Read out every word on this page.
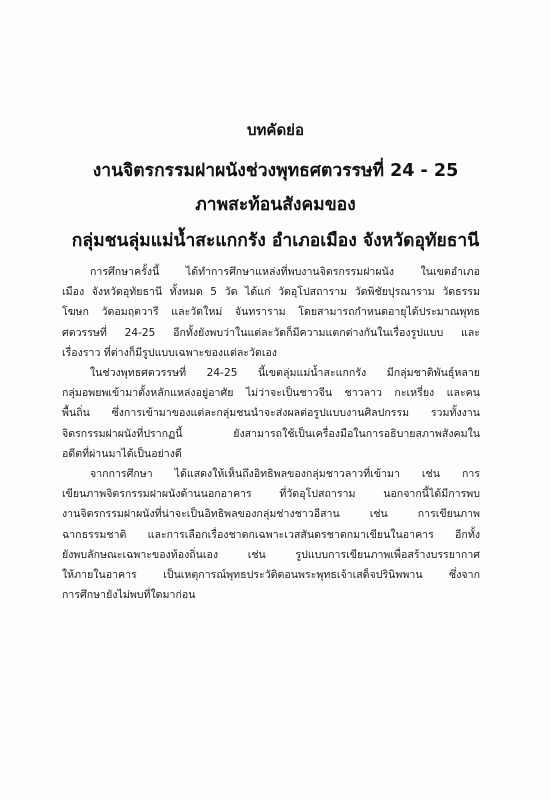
บทคัดย่อ
งานจิตรกรรมฝาผนังช่วงพุทธศตวรรษที่ 24 - 25
ภาพสะท้อนสังคมของ
กลุ่มชนลุ่มแม่น้ำสะแกกรัง อำเภอเมือง จังหวัดอุทัยธานี
การศึกษาครั้งนี้ ได้ทำการศึกษาแหล่งที่พบงานจิตรกรรมฝาผนัง ในเขตอำเภอ
เมือง จังหวัดอุทัยธานี ทั้งหมด 5 วัด ได้แก่ วัดอุโปสถาราม วัดพิชัยปุรณาราม วัดธรรม
โฆษก วัดอมฤตวารี และวัดใหม่ จันทราราม โดยสามารถกำหนดอายุได้ประมาณพุทธ
ศตวรรษที่ 24-25 อีกทั้งยังพบว่าในแต่ละวัดก็มีความแตกต่างกันในเรื่องรูปแบบ และ
เรื่องราว ที่ต่างก็มีรูปแบบเฉพาะของแต่ละวัดเอง
ในช่วงพุทธศตวรรษที่ 24-25 นี้เขตลุ่มแม่น้ำสะแกกรัง มีกลุ่มชาติพันธุ์หลาย
กลุ่มอพยพเข้ามาตั้งหลักแหล่งอยู่อาศัย ไม่ว่าจะเป็นชาวจีน ชาวลาว กะเหรี่ยง และคน
พื้นถิ่น ซึ่งการเข้ามาของแต่ละกลุ่มชนนำจะส่งผลต่อรูปแบบงานศิลปกรรม รวมทั้งงาน
จิตรกรรมฝาผนังที่ปรากฏนี้ ยังสามารถใช้เป็นเครื่องมือในการอธิบายสภาพสังคมใน
อดีตที่ผ่านมาได้เป็นอย่างดี
จากการศึกษา ได้แสดงให้เห็นถึงอิทธิพลของกลุ่มชาวลาวที่เข้ามา เช่น การ
เขียนภาพจิตรกรรมฝาผนังด้านนอกอาคาร ที่วัดอุโปสถาราม นอกจากนี้ได้มีการพบ
งานจิตรกรรมฝาผนังที่น่าจะเป็นอิทธิพลของกลุ่มช่างชาวอีสาน เช่น การเขียนภาพ
ฉากธรรมชาติ และการเลือกเรื่องชาดกเฉพาะเวสสันดรชาดกมาเขียนในอาคาร อีกทั้ง
ยังพบลักษณะเฉพาะของท้องถิ่นเอง เช่น รูปแบบการเขียนภาพเพื่อสร้างบรรยากาศ
ให้ภายในอาคาร เป็นเหตุการณ์พุทธประวัติตอนพระพุทธเจ้าเสด็จปรินิพพาน ซึ่งจาก
การศึกษายังไม่พบที่ใดมาก่อน
